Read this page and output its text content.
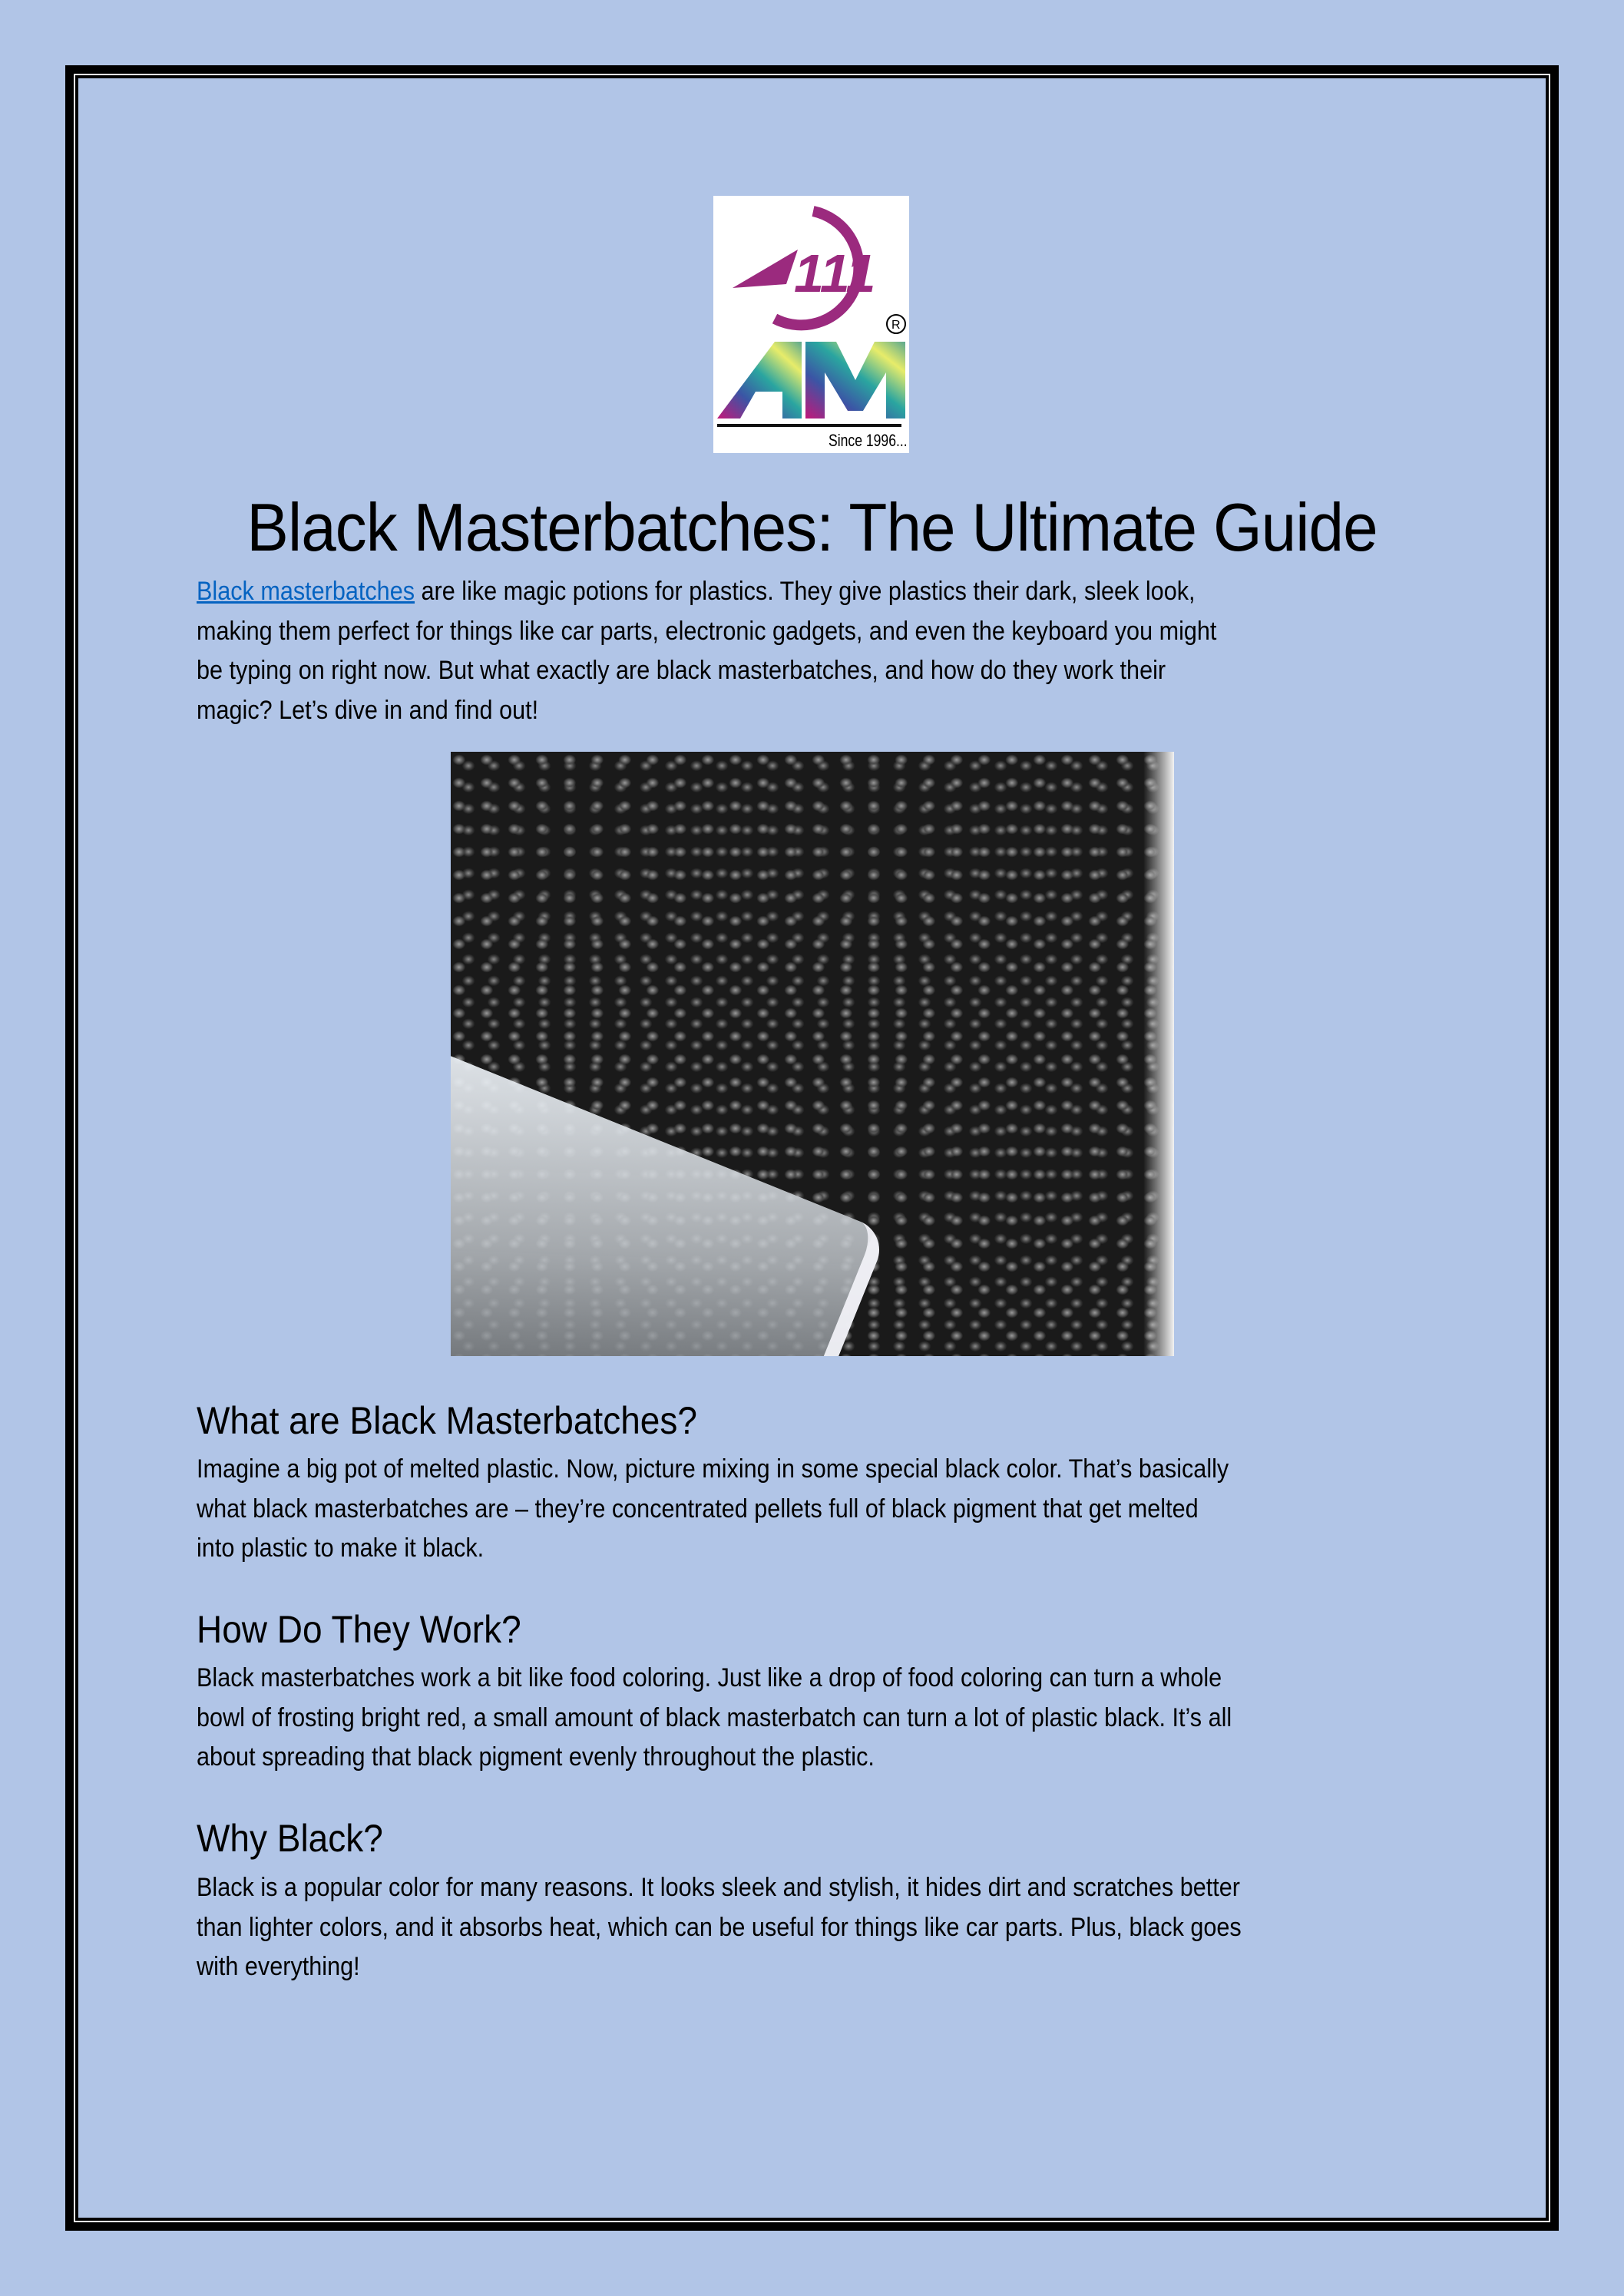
111
R
Since 1996...
Black Masterbatches: The Ultimate Guide
Black masterbatches are like magic potions for plastics. They give plastics their dark, sleek look,
making them perfect for things like car parts, electronic gadgets, and even the keyboard you might
be typing on right now. But what exactly are black masterbatches, and how do they work their
magic? Let’s dive in and find out!
What are Black Masterbatches?
Imagine a big pot of melted plastic. Now, picture mixing in some special black color. That’s basically
what black masterbatches are – they’re concentrated pellets full of black pigment that get melted
into plastic to make it black.
How Do They Work?
Black masterbatches work a bit like food coloring. Just like a drop of food coloring can turn a whole
bowl of frosting bright red, a small amount of black masterbatch can turn a lot of plastic black. It’s all
about spreading that black pigment evenly throughout the plastic.
Why Black?
Black is a popular color for many reasons. It looks sleek and stylish, it hides dirt and scratches better
than lighter colors, and it absorbs heat, which can be useful for things like car parts. Plus, black goes
with everything!
